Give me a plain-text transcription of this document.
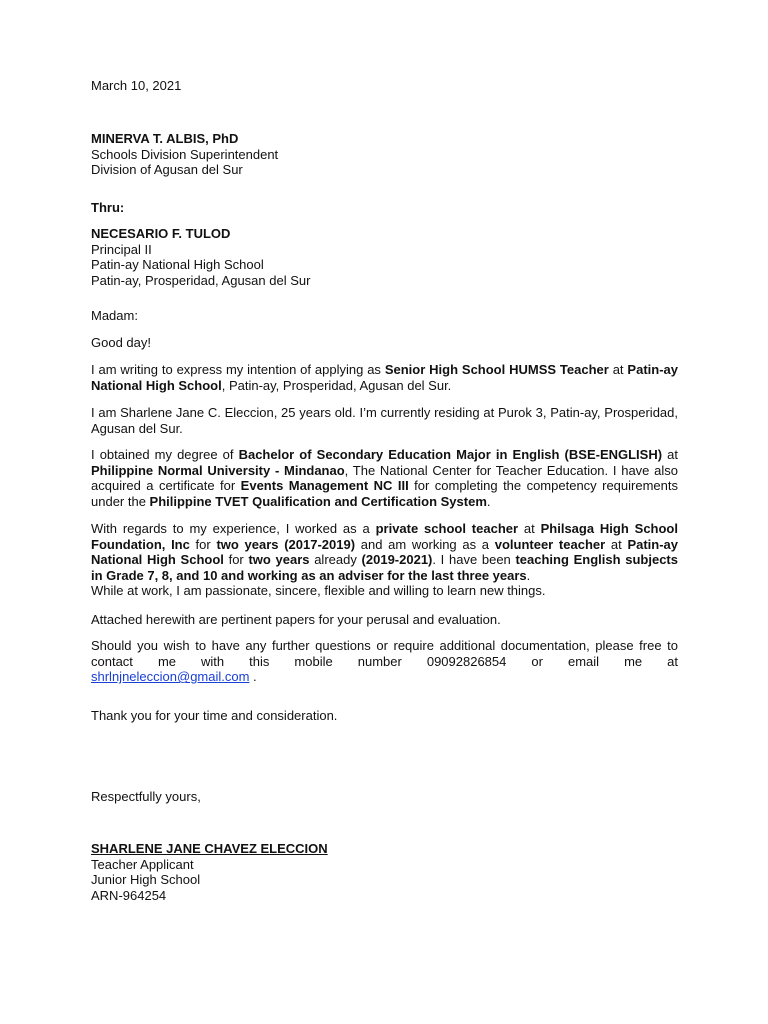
March 10, 2021
MINERVA T. ALBIS, PhD
Schools Division Superintendent
Division of Agusan del Sur
Thru:
NECESARIO F. TULOD
Principal II
Patin-ay National High School
Patin-ay, Prosperidad, Agusan del Sur
Madam:
Good day!

I am writing to express my intention of applying as Senior High School HUMSS Teacher at Patin-ay National High School, Patin-ay, Prosperidad, Agusan del Sur.

I am Sharlene Jane C. Eleccion, 25 years old. I’m currently residing at Purok 3, Patin-ay, Prosperidad, Agusan del Sur.

I obtained my degree of Bachelor of Secondary Education Major in English (BSE-ENGLISH) at Philippine Normal University - Mindanao, The National Center for Teacher Education. I have also acquired a certificate for Events Management NC III for completing the competency requirements under the Philippine TVET Qualification and Certification System.

With regards to my experience, I worked as a private school teacher at Philsaga High School Foundation, Inc for two years (2017-2019) and am working as a volunteer teacher at Patin-ay National High School for two years already (2019-2021). I have been teaching English subjects in Grade 7, 8, and 10 and working as an adviser for the last three years.
While at work, I am passionate, sincere, flexible and willing to learn new things.

Attached herewith are pertinent papers for your perusal and evaluation.

Should you wish to have any further questions or require additional documentation, please free to contact me with this mobile number 09092826854 or email me at
shrlnjneleccion@gmail.com .
Thank you for your time and consideration.
Respectfully yours,
SHARLENE JANE CHAVEZ ELECCION
Teacher Applicant
Junior High School
ARN-964254
